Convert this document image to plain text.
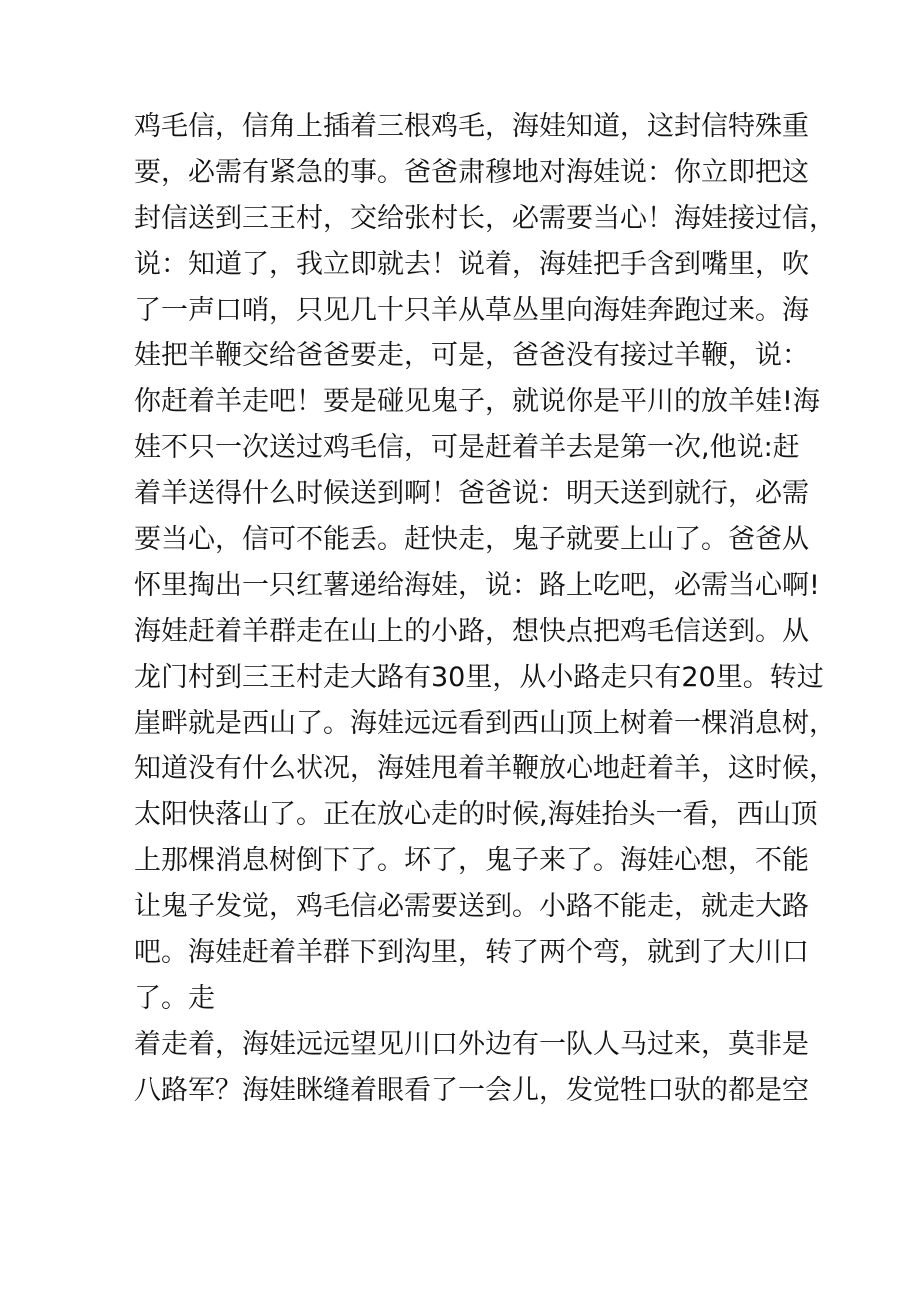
鸡毛信，信角上插着三根鸡毛，海娃知道，这封信特殊重
要，必需有紧急的事。爸爸肃穆地对海娃说：你立即把这
封信送到三王村，交给张村长，必需要当心！海娃接过信，
说：知道了，我立即就去！说着，海娃把手含到嘴里，吹
了一声口哨，只见几十只羊从草丛里向海娃奔跑过来。海
娃把羊鞭交给爸爸要走，可是，爸爸没有接过羊鞭，说：
你赶着羊走吧！要是碰见鬼子，就说你是平川的放羊娃!海
娃不只一次送过鸡毛信，可是赶着羊去是第一次,他说:赶
着羊送得什么时候送到啊！爸爸说：明天送到就行，必需
要当心，信可不能丢。赶快走，鬼子就要上山了。爸爸从
怀里掏出一只红薯递给海娃，说：路上吃吧，必需当心啊!
海娃赶着羊群走在山上的小路，想快点把鸡毛信送到。从
龙门村到三王村走大路有30里，从小路走只有20里。转过
崖畔就是西山了。海娃远远看到西山顶上树着一棵消息树，
知道没有什么状况，海娃甩着羊鞭放心地赶着羊，这时候，
太阳快落山了。正在放心走的时候,海娃抬头一看，西山顶
上那棵消息树倒下了。坏了，鬼子来了。海娃心想，不能
让鬼子发觉，鸡毛信必需要送到。小路不能走，就走大路
吧。海娃赶着羊群下到沟里，转了两个弯，就到了大川口
了。走
着走着，海娃远远望见川口外边有一队人马过来，莫非是
八路军？海娃眯缝着眼看了一会儿，发觉牲口驮的都是空
